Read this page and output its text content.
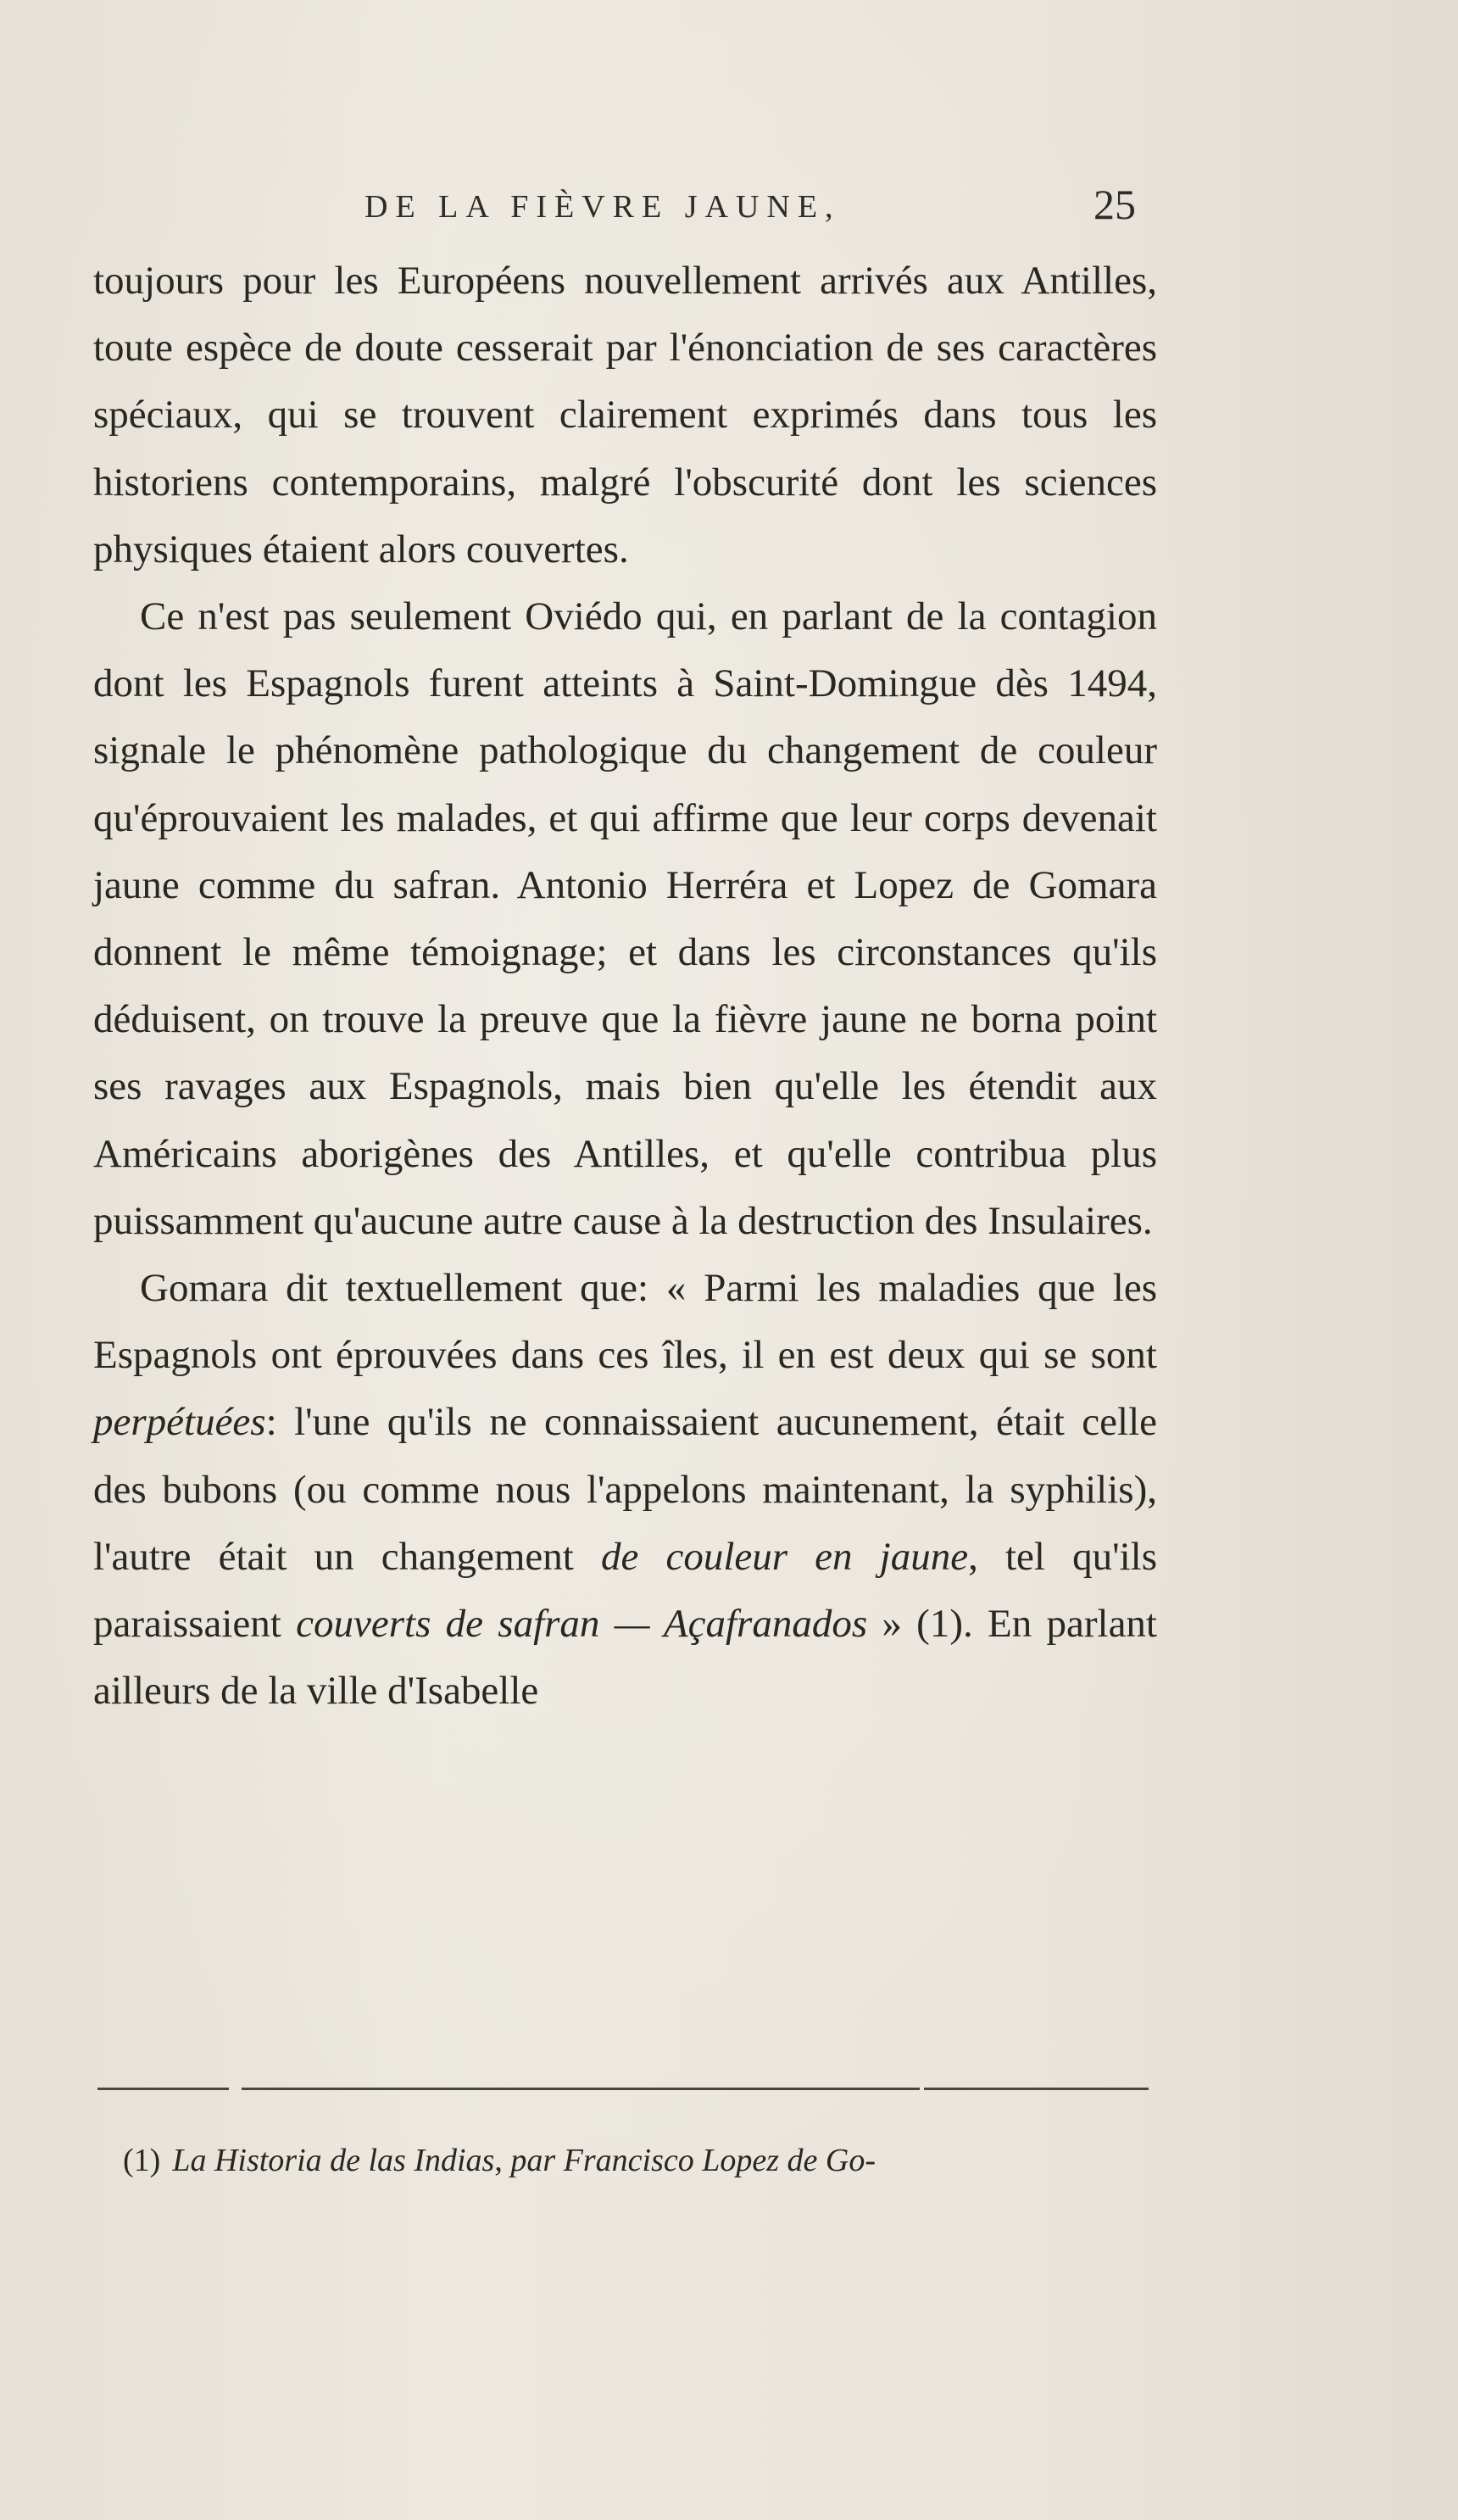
DE LA FIÈVRE JAUNE,	25

toujours pour les Européens nouvellement arrivés aux Antilles, toute espèce de doute cesserait par l'énonciation de ses caractères spéciaux, qui se trouvent clairement exprimés dans tous les historiens contemporains, malgré l'obscurité dont les sciences physiques étaient alors couvertes.

Ce n'est pas seulement Oviédo qui, en parlant de la contagion dont les Espagnols furent atteints à Saint-Domingue dès 1494, signale le phénomène pathologique du changement de couleur qu'éprouvaient les malades, et qui affirme que leur corps devenait jaune comme du safran. Antonio Herréra et Lopez de Gomara donnent le même témoignage; et dans les circonstances qu'ils déduisent, on trouve la preuve que la fièvre jaune ne borna point ses ravages aux Espagnols, mais bien qu'elle les étendit aux Américains aborigènes des Antilles, et qu'elle contribua plus puissamment qu'aucune autre cause à la destruction des Insulaires.

Gomara dit textuellement que: « Parmi les maladies que les Espagnols ont éprouvées dans ces îles, il en est deux qui se sont perpétuées: l'une qu'ils ne connaissaient aucunement, était celle des bubons (ou comme nous l'appelons maintenant, la syphilis), l'autre était un changement de couleur en jaune, tel qu'ils paraissaient couverts de safran — Açafranados » (1). En parlant ailleurs de la ville d'Isabelle

(1) La Historia de las Indias, par Francisco Lopez de Go-
